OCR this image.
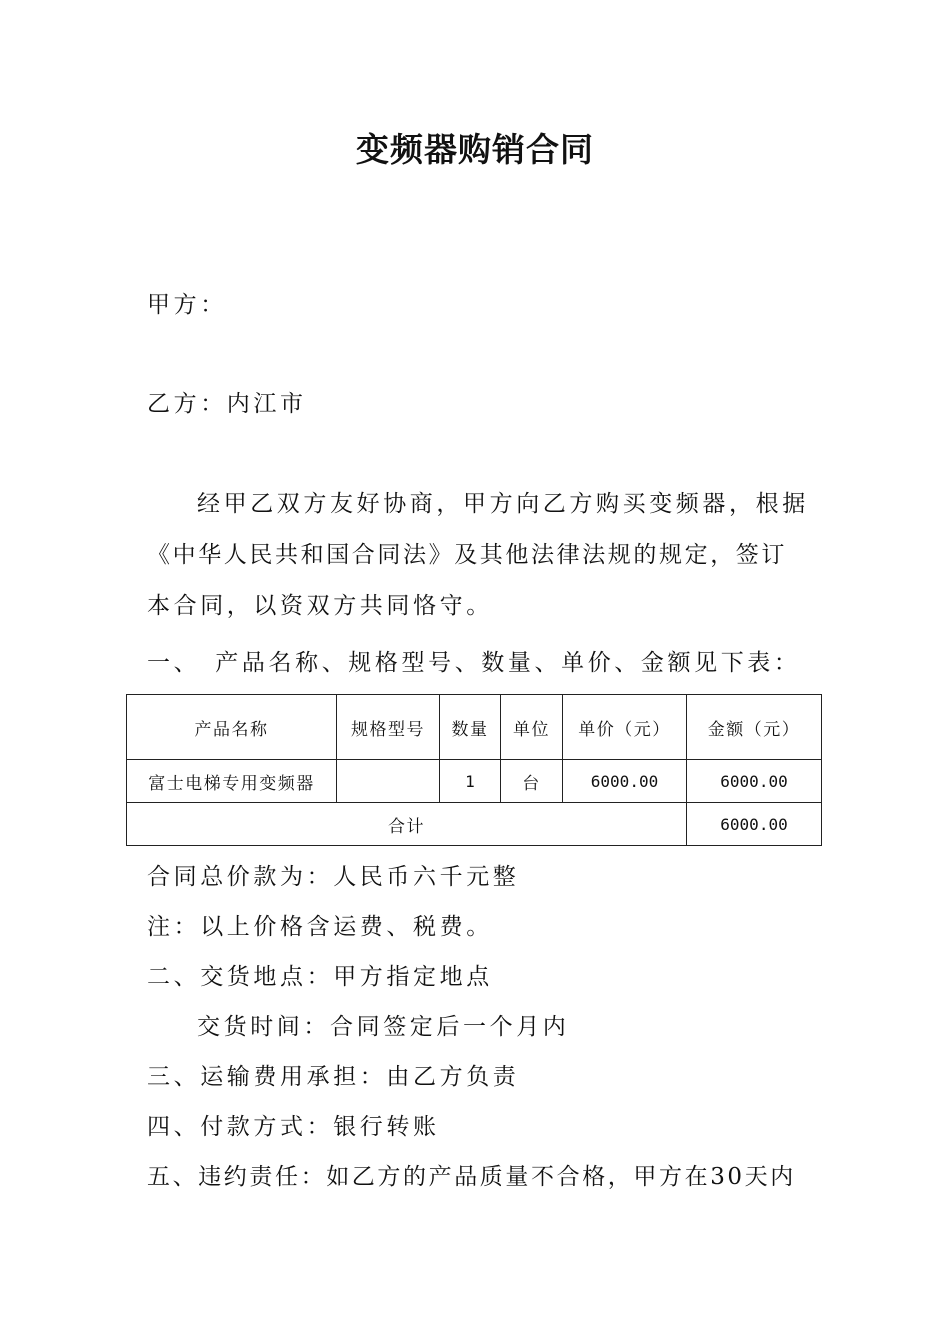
变频器购销合同
甲方：
乙方：内江市
经甲乙双方友好协商，甲方向乙方购买变频器，根据
《中华人民共和国合同法》及其他法律法规的规定，签订
本合同，以资双方共同恪守。
一、　产品名称、规格型号、数量、单价、金额见下表：
产品名称	规格型号	数量	单位	单价（元）	金额（元）
富士电梯专用变频器		1	台	6000.00	6000.00
合计					6000.00
合同总价款为：人民币六千元整
注：以上价格含运费、税费。
二、交货地点：甲方指定地点
交货时间：合同签定后一个月内
三、运输费用承担：由乙方负责
四、付款方式：银行转账
五、违约责任：如乙方的产品质量不合格，甲方在30天内
